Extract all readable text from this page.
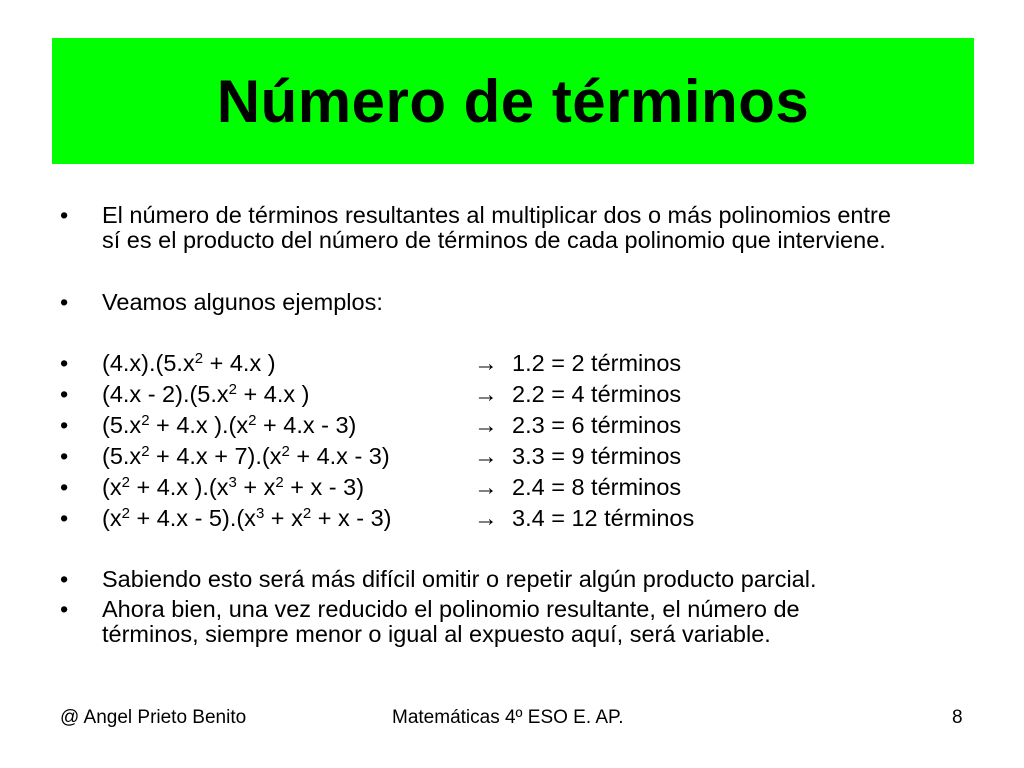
Número de términos
• El número de términos resultantes al multiplicar dos o más polinomios entre
sí es el producto del número de términos de cada polinomio que interviene.
• Veamos algunos ejemplos:
• $(4.x).(5.x^2 + 4.x$ )	→ 1.2 = 2 términos
• $(4.x - 2).(5.x^2 + 4.x$ )	→ 2.2 = 4 términos
• ($5.x^2 + 4.x$ )$.(x^2 + 4.x - 3)$	→ 2.3 = 6 términos
• $(5.x^2 + 4.x + 7).(x^2 + 4.x - 3)$	→ 3.3 = 9 términos
• ($x^2 + 4.x$ )$.(x^3 + x^2 + x - 3)$	→ 2.4 = 8 términos
• $(x^2 + 4.x - 5).(x^3 + x^2 + x - 3)$	→ 3.4 = 12 términos
• Sabiendo esto será más difícil omitir o repetir algún producto parcial.
• Ahora bien, una vez reducido el polinomio resultante, el número de
términos, siempre menor o igual al expuesto aquí, será variable.
@ Angel Prieto Benito	Matemáticas 4º ESO E. AP.	8
